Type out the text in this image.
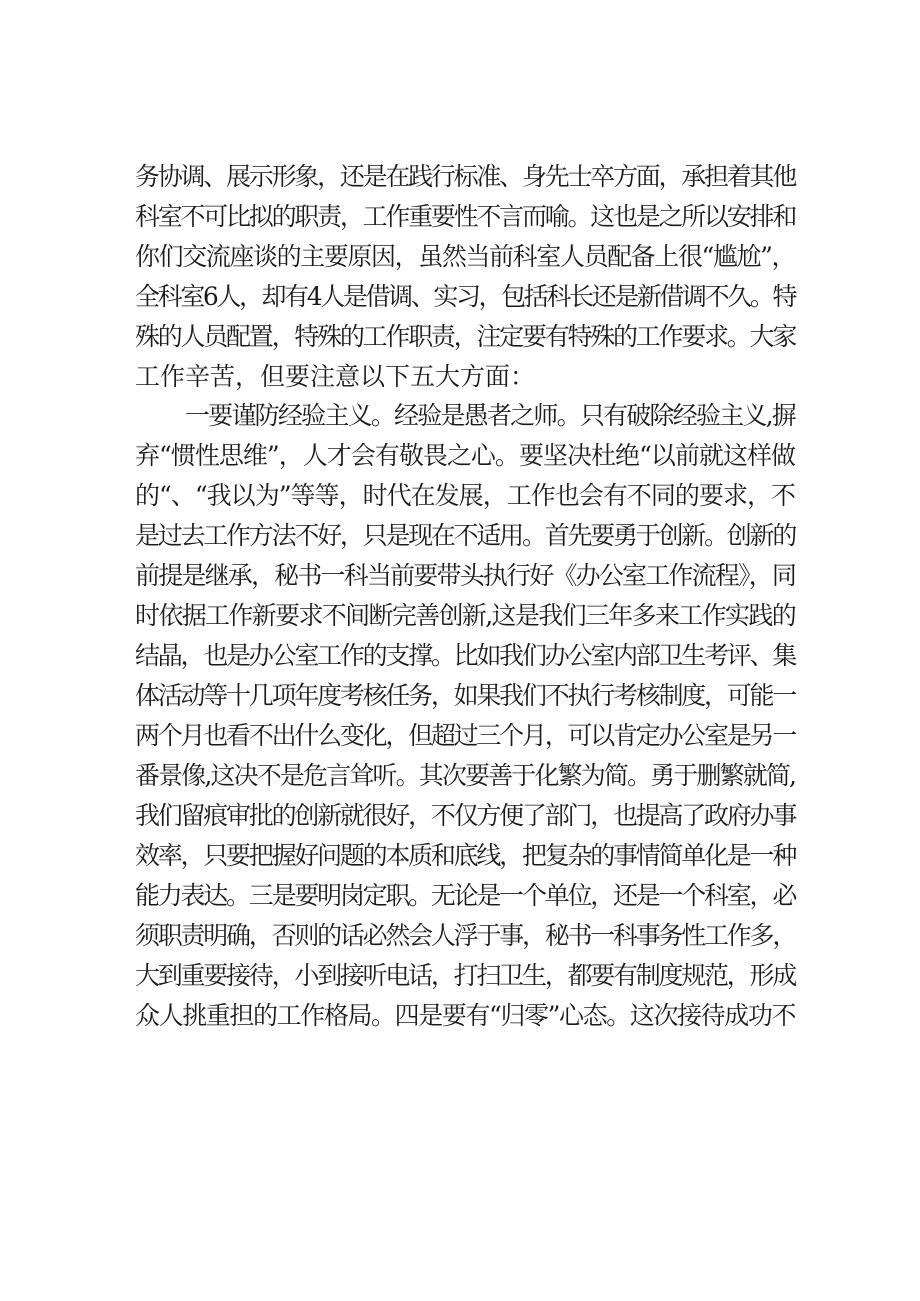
务协调、展示形象，还是在践行标准、身先士卒方面，承担着其他
科室不可比拟的职责，工作重要性不言而喻。这也是之所以安排和
你们交流座谈的主要原因，虽然当前科室人员配备上很“尴尬”，
全科室6人，却有4人是借调、实习，包括科长还是新借调不久。特
殊的人员配置，特殊的工作职责，注定要有特殊的工作要求。大家
工作辛苦，但要注意以下五大方面：
一要谨防经验主义。经验是愚者之师。只有破除经验主义,摒
弃“惯性思维”，人才会有敬畏之心。要坚决杜绝“以前就这样做
的“、“我以为”等等，时代在发展，工作也会有不同的要求，不
是过去工作方法不好，只是现在不适用。首先要勇于创新。创新的
前提是继承，秘书一科当前要带头执行好《办公室工作流程》，同
时依据工作新要求不间断完善创新,这是我们三年多来工作实践的
结晶，也是办公室工作的支撑。比如我们办公室内部卫生考评、集
体活动等十几项年度考核任务，如果我们不执行考核制度，可能一
两个月也看不出什么变化，但超过三个月，可以肯定办公室是另一
番景像,这决不是危言耸听。其次要善于化繁为简。勇于删繁就简,
我们留痕审批的创新就很好，不仅方便了部门，也提高了政府办事
效率，只要把握好问题的本质和底线，把复杂的事情简单化是一种
能力表达。三是要明岗定职。无论是一个单位，还是一个科室，必
须职责明确，否则的话必然会人浮于事，秘书一科事务性工作多，
大到重要接待，小到接听电话，打扫卫生，都要有制度规范，形成
众人挑重担的工作格局。四是要有“归零”心态。这次接待成功不
